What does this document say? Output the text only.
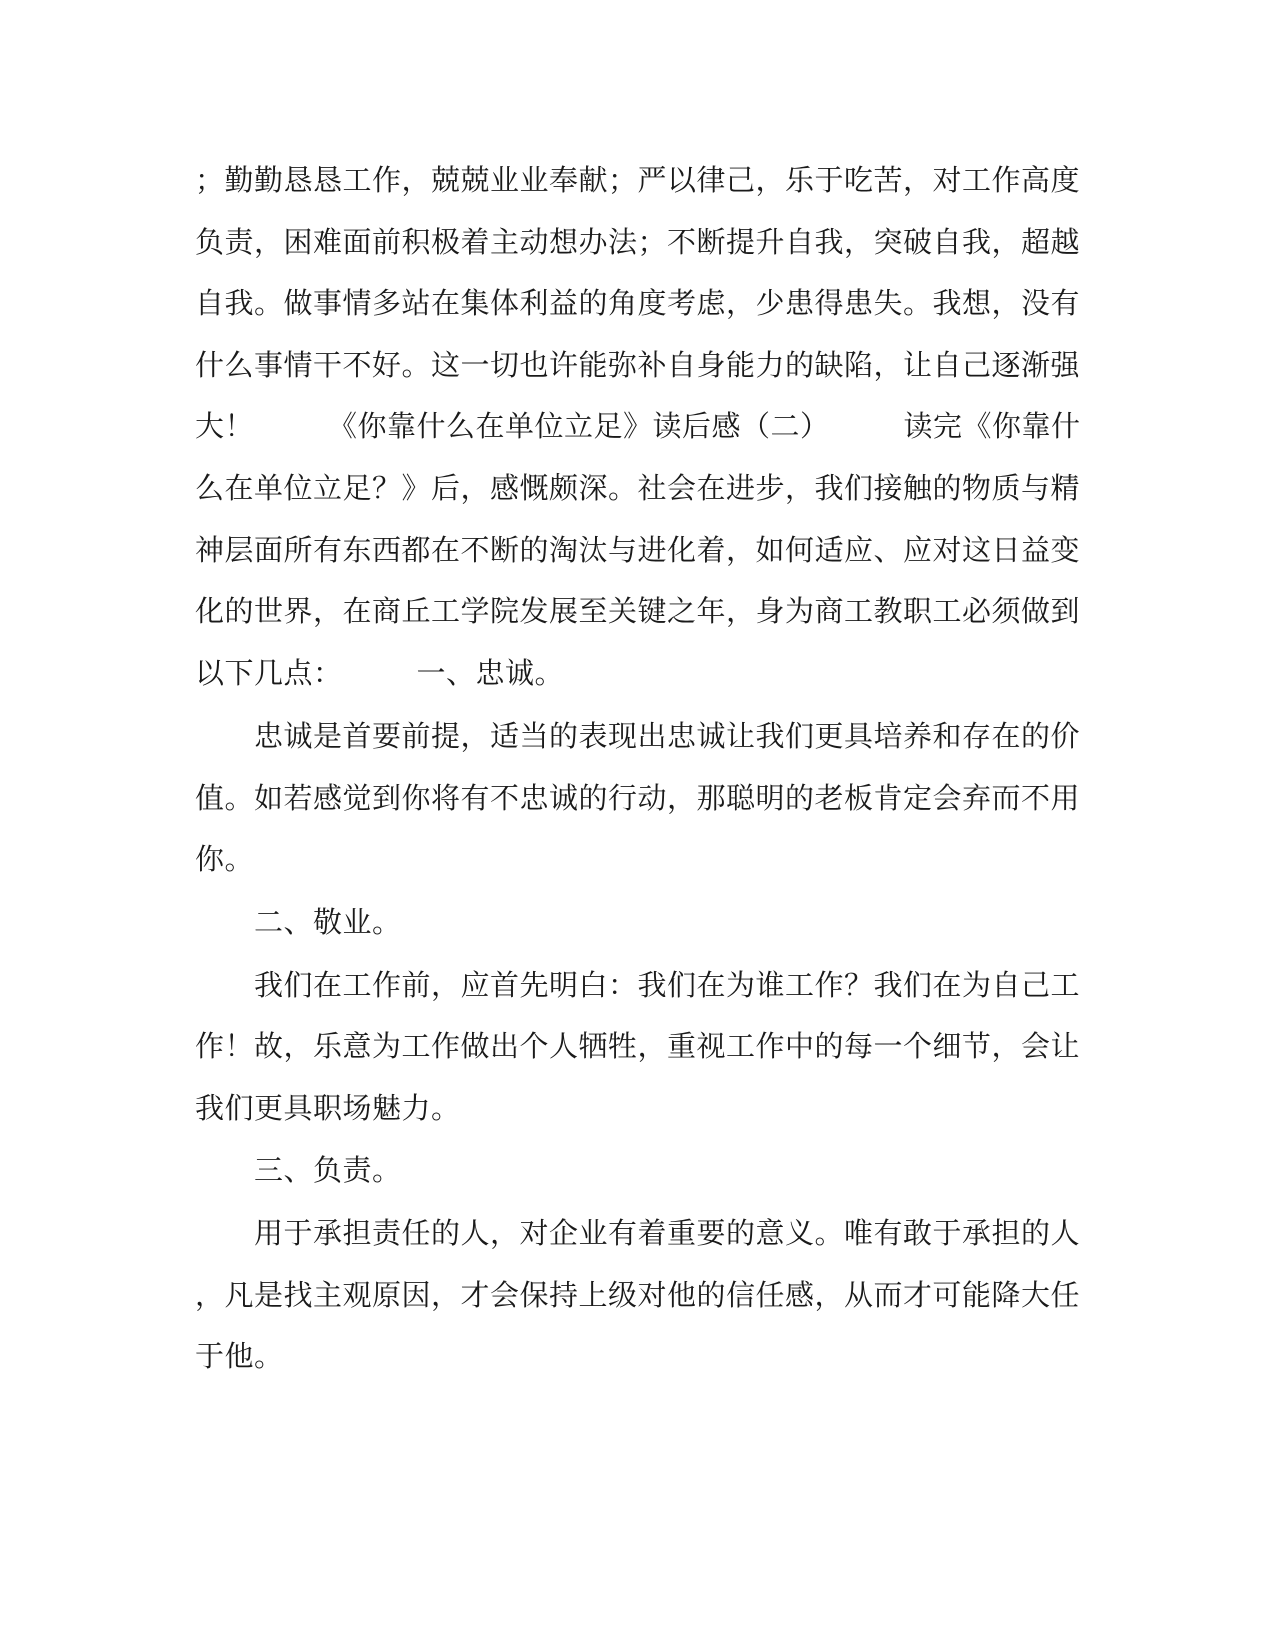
；勤勤恳恳工作，兢兢业业奉献；严以律己，乐于吃苦，对工作高度
负责，困难面前积极着主动想办法；不断提升自我，突破自我，超越
自我。做事情多站在集体利益的角度考虑，少患得患失。我想，没有
什么事情干不好。这一切也许能弥补自身能力的缺陷，让自己逐渐强
大！　　　《你靠什么在单位立足》读后感（二）　　　读完《你靠什
么在单位立足？》后，感慨颇深。社会在进步，我们接触的物质与精
神层面所有东西都在不断的淘汰与进化着，如何适应、应对这日益变
化的世界，在商丘工学院发展至关键之年，身为商工教职工必须做到
以下几点：　　　一、忠诚。
　　忠诚是首要前提，适当的表现出忠诚让我们更具培养和存在的价
值。如若感觉到你将有不忠诚的行动，那聪明的老板肯定会弃而不用
你。
　　二、敬业。
　　我们在工作前，应首先明白：我们在为谁工作？我们在为自己工
作！故，乐意为工作做出个人牺牲，重视工作中的每一个细节，会让
我们更具职场魅力。
　　三、负责。
　　用于承担责任的人，对企业有着重要的意义。唯有敢于承担的人
，凡是找主观原因，才会保持上级对他的信任感，从而才可能降大任
于他。
